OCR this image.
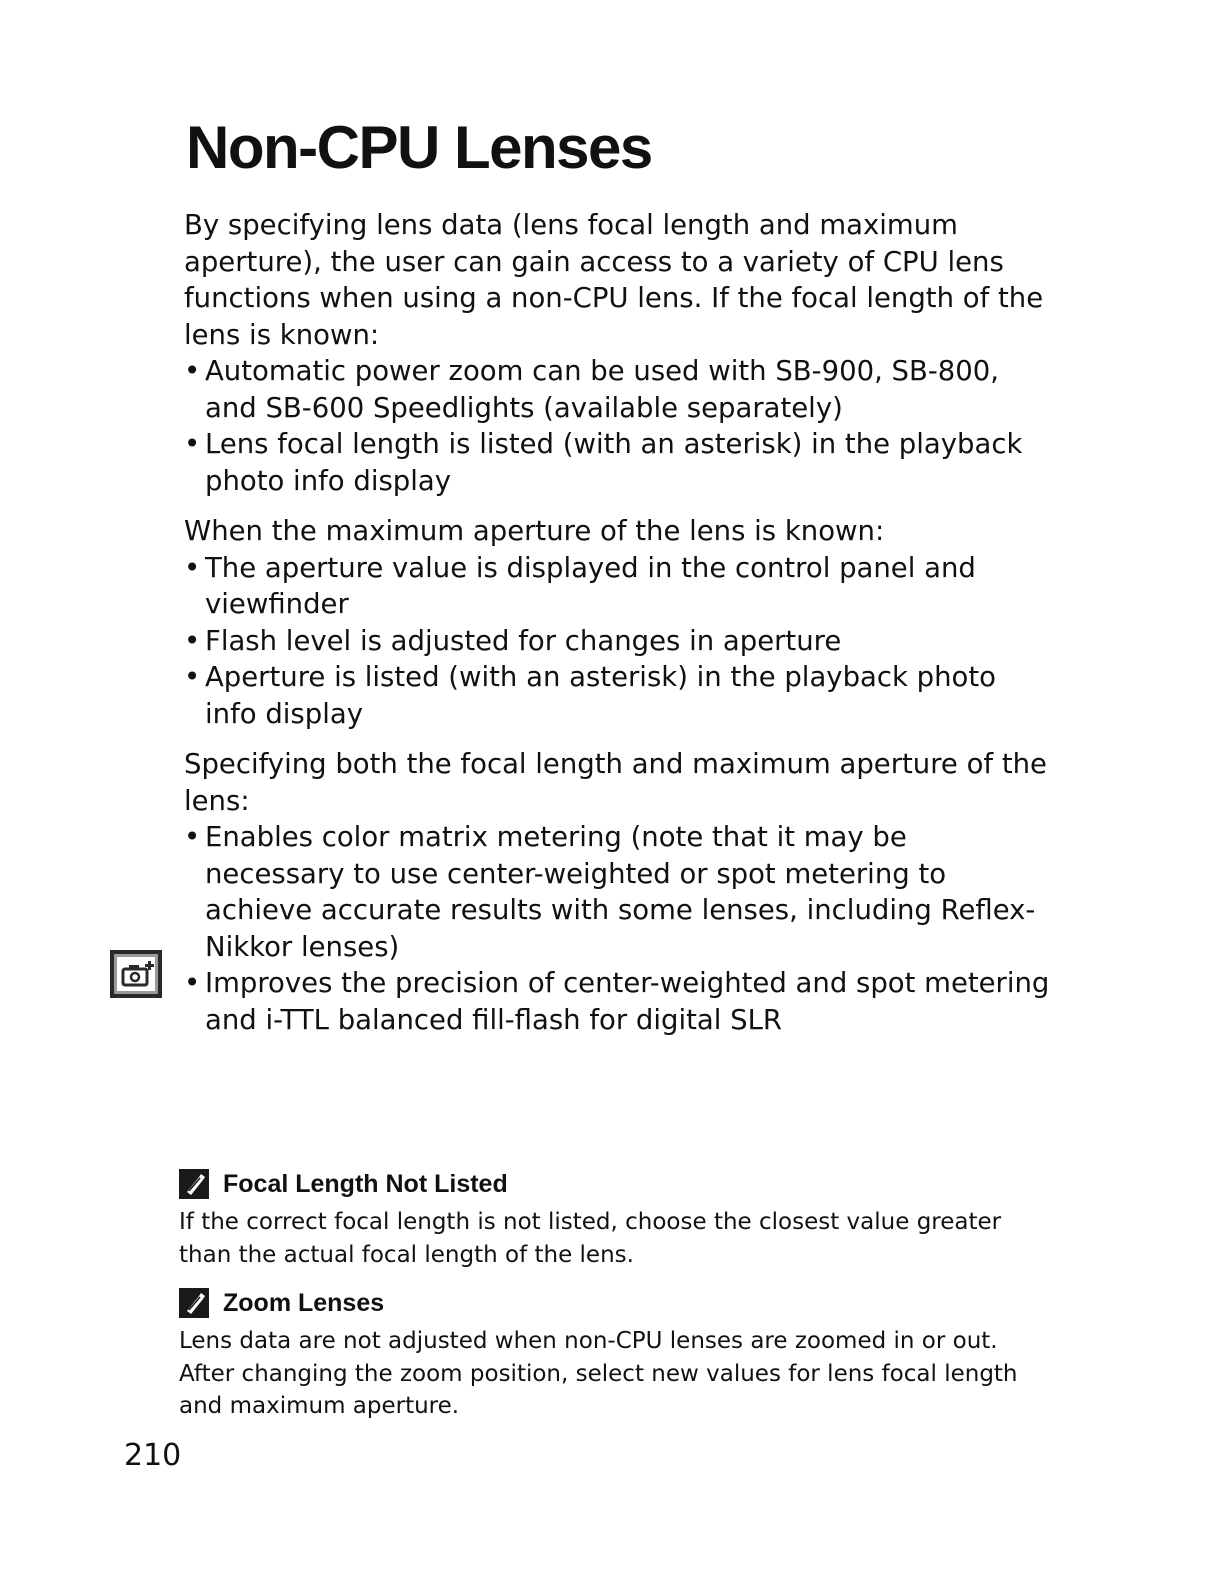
Non-CPU Lenses

By specifying lens data (lens focal length and maximum aperture), the user can gain access to a variety of CPU lens functions when using a non-CPU lens. If the focal length of the lens is known:

• Automatic power zoom can be used with SB-900, SB-800, and SB-600 Speedlights (available separately)
• Lens focal length is listed (with an asterisk) in the playback photo info display

When the maximum aperture of the lens is known:

• The aperture value is displayed in the control panel and viewfinder
• Flash level is adjusted for changes in aperture
• Aperture is listed (with an asterisk) in the playback photo info display

Specifying both the focal length and maximum aperture of the lens:

• Enables color matrix metering (note that it may be necessary to use center-weighted or spot metering to achieve accurate results with some lenses, including Reflex-Nikkor lenses)
• Improves the precision of center-weighted and spot metering and i-TTL balanced fill-flash for digital SLR
Focal Length Not Listed

If the correct focal length is not listed, choose the closest value greater than the actual focal length of the lens.

Zoom Lenses

Lens data are not adjusted when non-CPU lenses are zoomed in or out. After changing the zoom position, select new values for lens focal length and maximum aperture.

210
